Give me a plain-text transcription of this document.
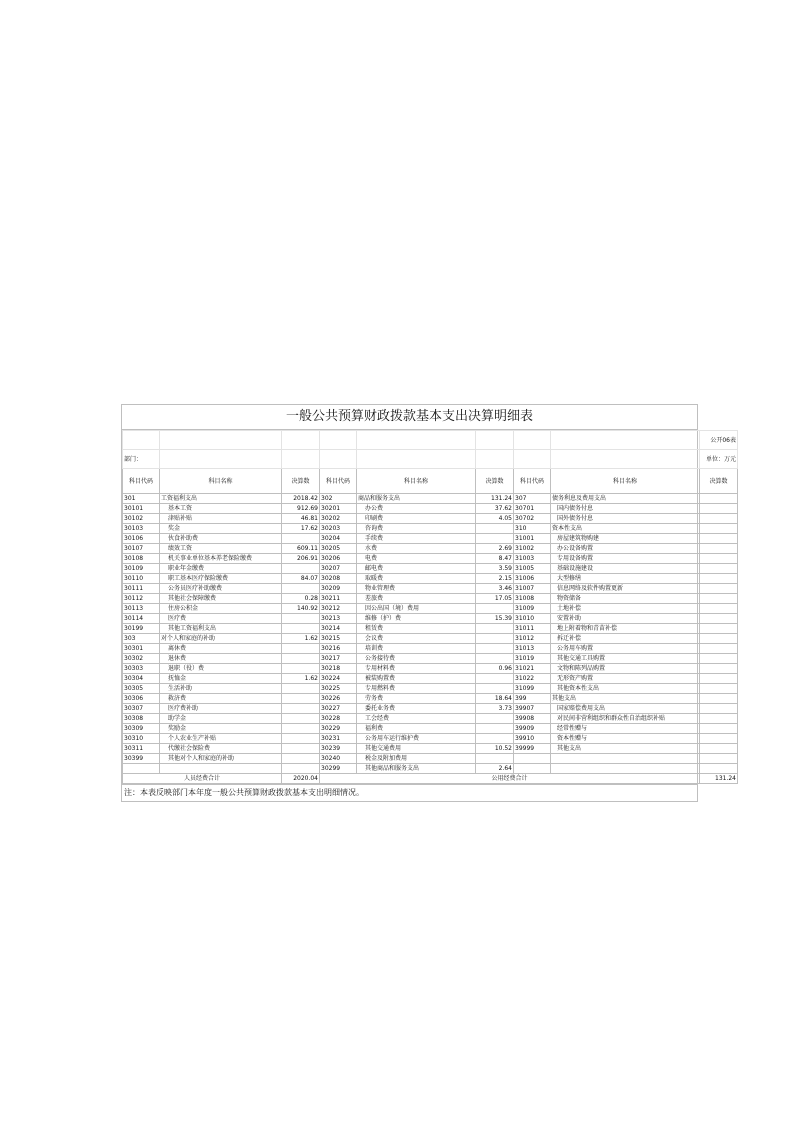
一般公共预算财政拨款基本支出决算明细表
								公开06表
部门：								单位：万元
科目代码	科目名称	决算数	科目代码	科目名称	决算数	科目代码	科目名称	决算数
301	工资福利支出	2018.42	302	商品和服务支出	131.24	307	债务利息及费用支出	
30101	基本工资	912.69	30201	办公费	37.62	30701	国内债务付息	
30102	津贴补贴	46.81	30202	印刷费	4.05	30702	国外债务付息	
30103	奖金	17.62	30203	咨询费		310	资本性支出	
30106	伙食补助费		30204	手续费		31001	房屋建筑物购建	
30107	绩效工资	609.11	30205	水费	2.69	31002	办公设备购置	
30108	机关事业单位基本养老保险缴费	206.91	30206	电费	8.47	31003	专用设备购置	
30109	职业年金缴费		30207	邮电费	3.59	31005	基础设施建设	
30110	职工基本医疗保险缴费	84.07	30208	取暖费	2.15	31006	大型修缮	
30111	公务员医疗补助缴费		30209	物业管理费	3.46	31007	信息网络及软件购置更新	
30112	其他社会保障缴费	0.28	30211	差旅费	17.05	31008	物资储备	
30113	住房公积金	140.92	30212	因公出国（境）费用		31009	土地补偿	
30114	医疗费		30213	维修（护）费	15.39	31010	安置补助	
30199	其他工资福利支出		30214	租赁费		31011	地上附着物和青苗补偿	
303	对个人和家庭的补助	1.62	30215	会议费		31012	拆迁补偿	
30301	离休费		30216	培训费		31013	公务用车购置	
30302	退休费		30217	公务接待费		31019	其他交通工具购置	
30303	退职（役）费		30218	专用材料费	0.96	31021	文物和陈列品购置	
30304	抚恤金	1.62	30224	被装购置费		31022	无形资产购置	
30305	生活补助		30225	专用燃料费		31099	其他资本性支出	
30306	救济费		30226	劳务费	18.64	399	其他支出	
30307	医疗费补助		30227	委托业务费	3.73	39907	国家赔偿费用支出	
30308	助学金		30228	工会经费		39908	对民间非营利组织和群众性自治组织补贴	
30309	奖励金		30229	福利费		39909	经常性赠与	
30310	个人农业生产补贴		30231	公务用车运行维护费		39910	资本性赠与	
30311	代缴社会保险费		30239	其他交通费用	10.52	39999	其他支出	
30399	其他对个人和家庭的补助		30240	税金及附加费用				
			30299	其他商品和服务支出	2.64			
人员经费合计		2020.04	公用经费合计					131.24
注：本表反映部门本年度一般公共预算财政拨款基本支出明细情况。
